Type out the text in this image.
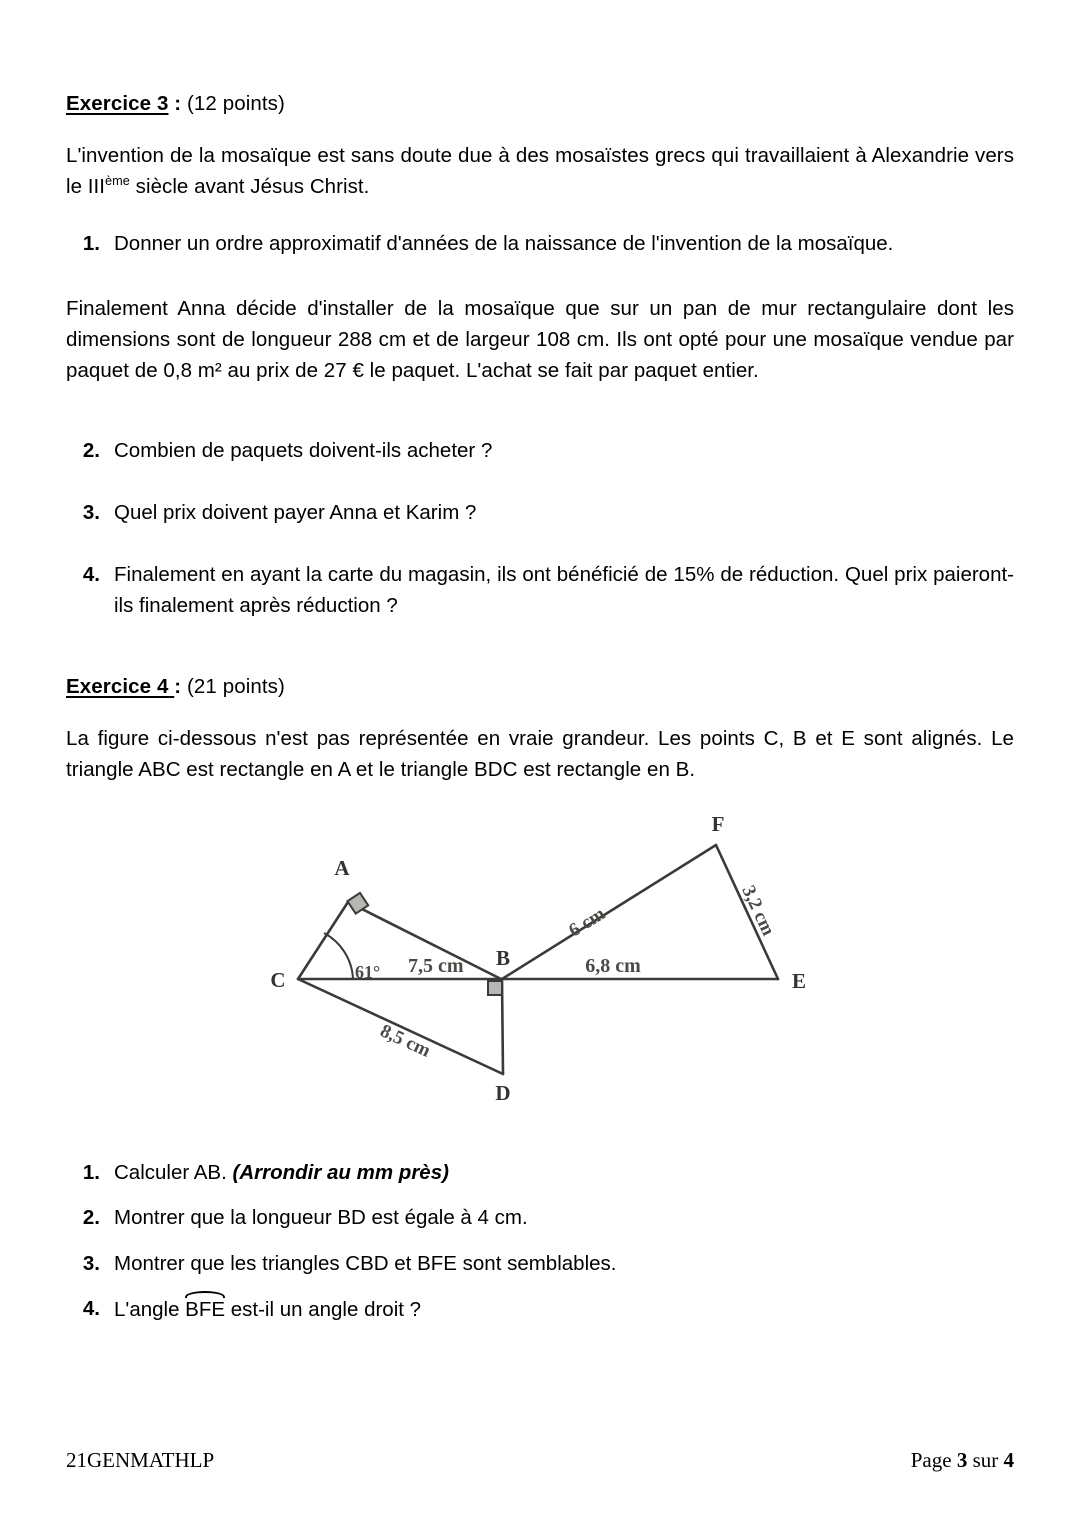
Exercice 3 : (12 points)

L'invention de la mosaïque est sans doute due à des mosaïstes grecs qui travaillaient à Alexandrie vers le IIIème siècle avant Jésus Christ.

1. Donner un ordre approximatif d'années de la naissance de l'invention de la mosaïque.

Finalement Anna décide d'installer de la mosaïque que sur un pan de mur rectangulaire dont les dimensions sont de longueur 288 cm et de largeur 108 cm. Ils ont opté pour une mosaïque vendue par paquet de 0,8 m² au prix de 27 € le paquet. L'achat se fait par paquet entier.

2. Combien de paquets doivent-ils acheter ?
3. Quel prix doivent payer Anna et Karim ?
4. Finalement en ayant la carte du magasin, ils ont bénéficié de 15% de réduction. Quel prix paieront-ils finalement après réduction ?
Exercice 4 : (21 points)

La figure ci-dessous n'est pas représentée en vraie grandeur. Les points C, B et E sont alignés. Le triangle ABC est rectangle en A et le triangle BDC est rectangle en B.

A
B
C
D
E
F
61° 7,5 cm
8,5 cm
6,8 cm
6 cm	3,2 cm
1. Calculer AB. (Arrondir au mm près)
2. Montrer que la longueur BD est égale à 4 cm.
3. Montrer que les triangles CBD et BFE sont semblables.
4. L'angle BFE est-il un angle droit ?
21GENMATHLP	Page 3 sur 4
